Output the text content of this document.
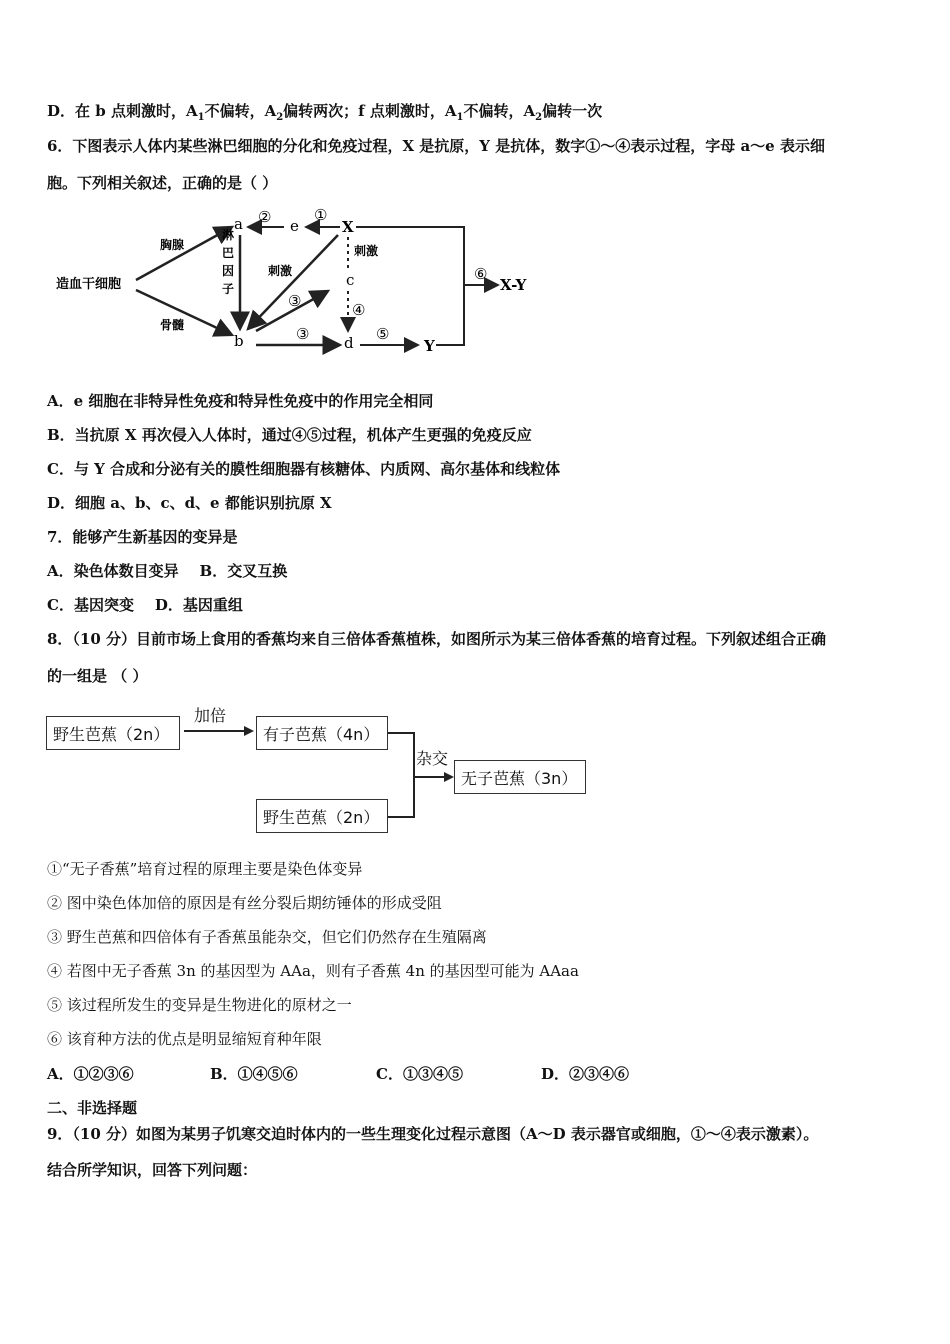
D．在 b 点刺激时，$A_1$不偏转，$A_2$偏转两次；f 点刺激时，$A_1$不偏转，$A_2$偏转一次
6．下图表示人体内某些淋巴细胞的分化和免疫过程，X 是抗原，Y 是抗体，数字①～④表示过程，字母 a～e 表示细
胞。下列相关叙述，正确的是（ ）
造血干细胞
胸腺
骨髓
a
b
e	X
c
d	Y
②	①
淋巴因子
刺激
③
③
刺激
④
⑤
⑥
X-Y
A．e 细胞在非特异性免疫和特异性免疫中的作用完全相同
B．当抗原 X 再次侵入人体时，通过④⑤过程，机体产生更强的免疫反应
C．与 Y 合成和分泌有关的膜性细胞器有核糖体、内质网、高尔基体和线粒体
D．细胞 a、b、c、d、e 都能识别抗原 X
7．能够产生新基因的变异是
A．染色体数目变异 B．交叉互换
C．基因突变 D．基因重组
8．（10 分）目前市场上食用的香蕉均来自三倍体香蕉植株，如图所示为某三倍体香蕉的培育过程。下列叙述组合正确
的一组是 （ ）
野生芭蕉（2n）
加倍
有子芭蕉（4n）
野生芭蕉（2n）
杂交
无子芭蕉（3n）
①“无子香蕉”培育过程的原理主要是染色体变异
② 图中染色体加倍的原因是有丝分裂后期纺锤体的形成受阻
③ 野生芭蕉和四倍体有子香蕉虽能杂交，但它们仍然存在生殖隔离
④ 若图中无子香蕉 3n 的基因型为 AAa，则有子香蕉 4n 的基因型可能为 AAaa
⑤ 该过程所发生的变异是生物进化的原材之一
⑥ 该育种方法的优点是明显缩短育种年限
A．①②③⑥	B．①④⑤⑥	C．①③④⑤	D．②③④⑥
二、非选择题
9．（10 分）如图为某男子饥寒交迫时体内的一些生理变化过程示意图（A～D 表示器官或细胞，①～④表示激素）。
结合所学知识，回答下列问题：
